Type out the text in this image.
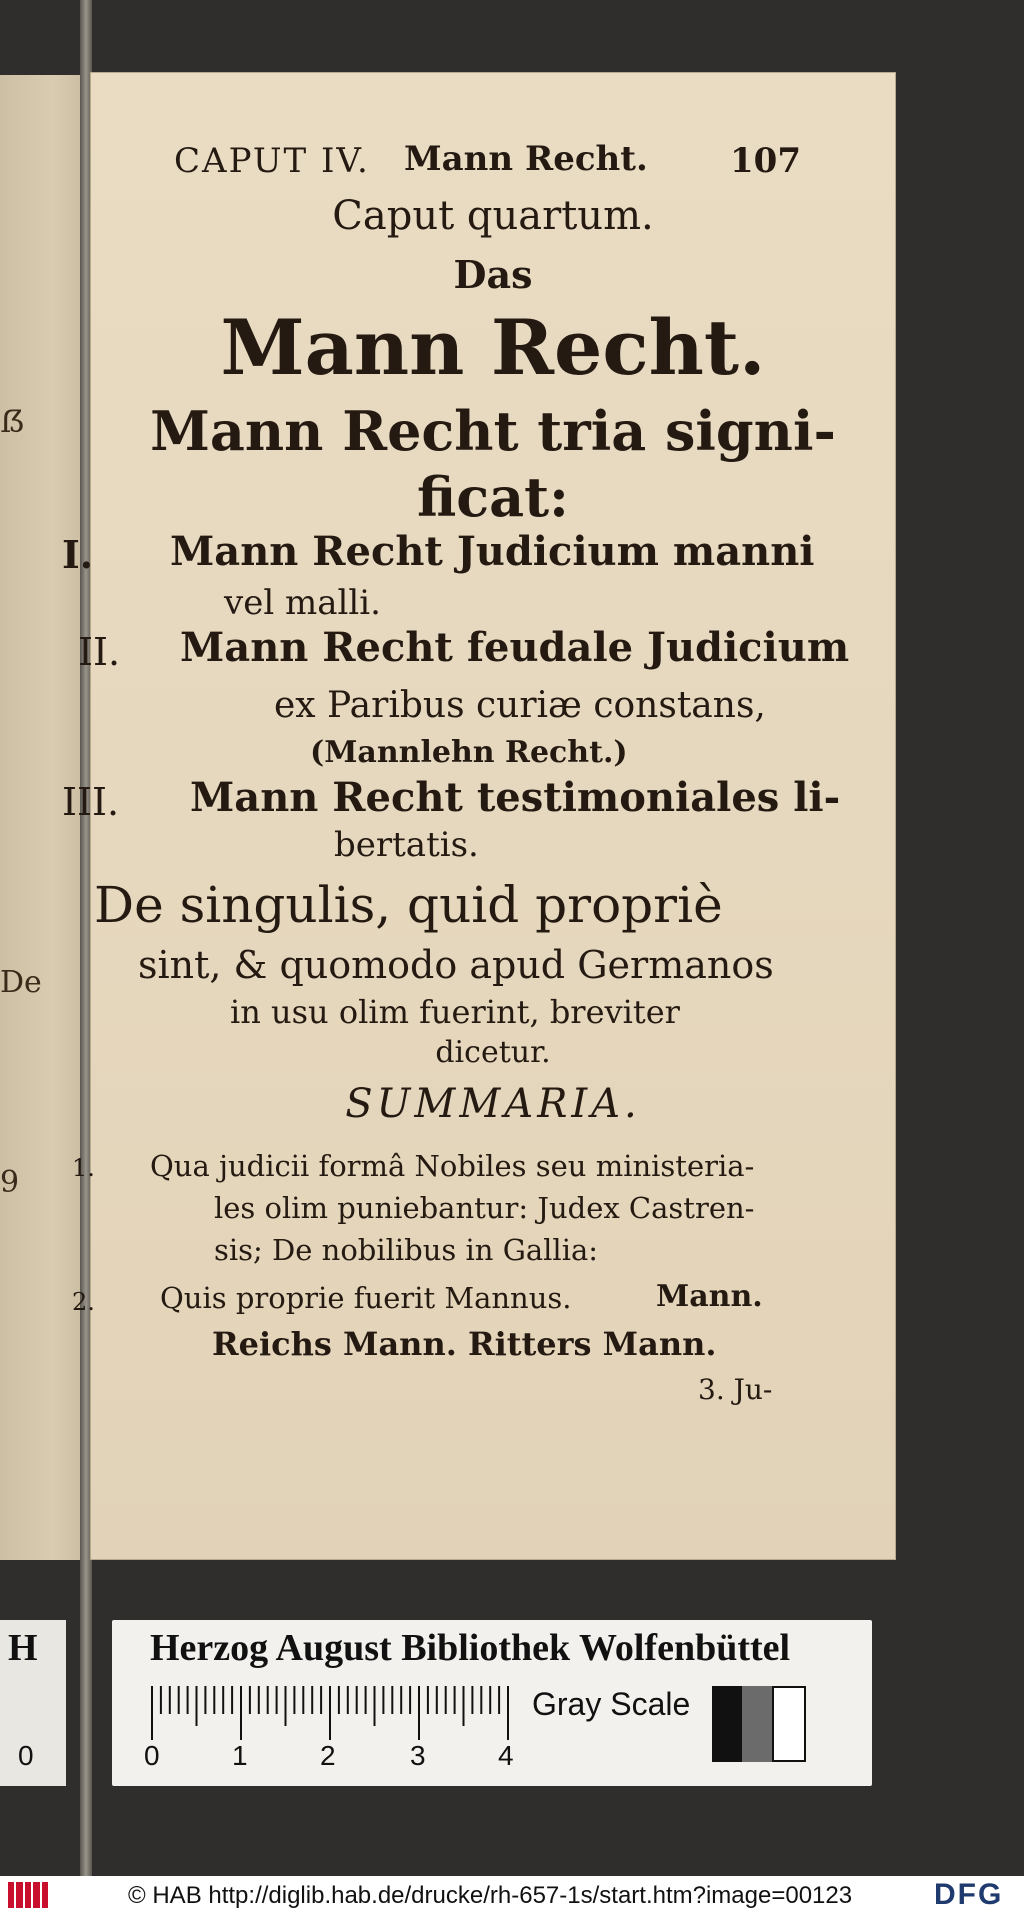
ẞ
De
9
CAPUT IV. Mann Recht. 107
Caput quartum.
Das
Mann Recht.
Mann Recht tria signi-
ficat:
I. Mann Recht Judicium manni
vel malli.
II. Mann Recht feudale Judicium
ex Paribus curiæ constans,
(Mannlehn Recht.)
III. Mann Recht testimoniales li-
bertatis.
De singulis, quid propriè
sint, & quomodo apud Germanos
in usu olim fuerint, breviter
dicetur.
SUMMARIA.
1. Qua judicii formâ Nobiles seu ministeria-
les olim puniebantur: Judex Castren-
sis; De nobilibus in Gallia:
2. Quis proprie fuerit Mannus.	Mann.
Reichs Mann. Ritters Mann.
3. Ju-
H
0
Herzog August Bibliothek Wolfenbüttel
Gray Scale
0	1	2	3	4
© HAB http://diglib.hab.de/drucke/rh-657-1s/start.htm?image=00123	DFG
